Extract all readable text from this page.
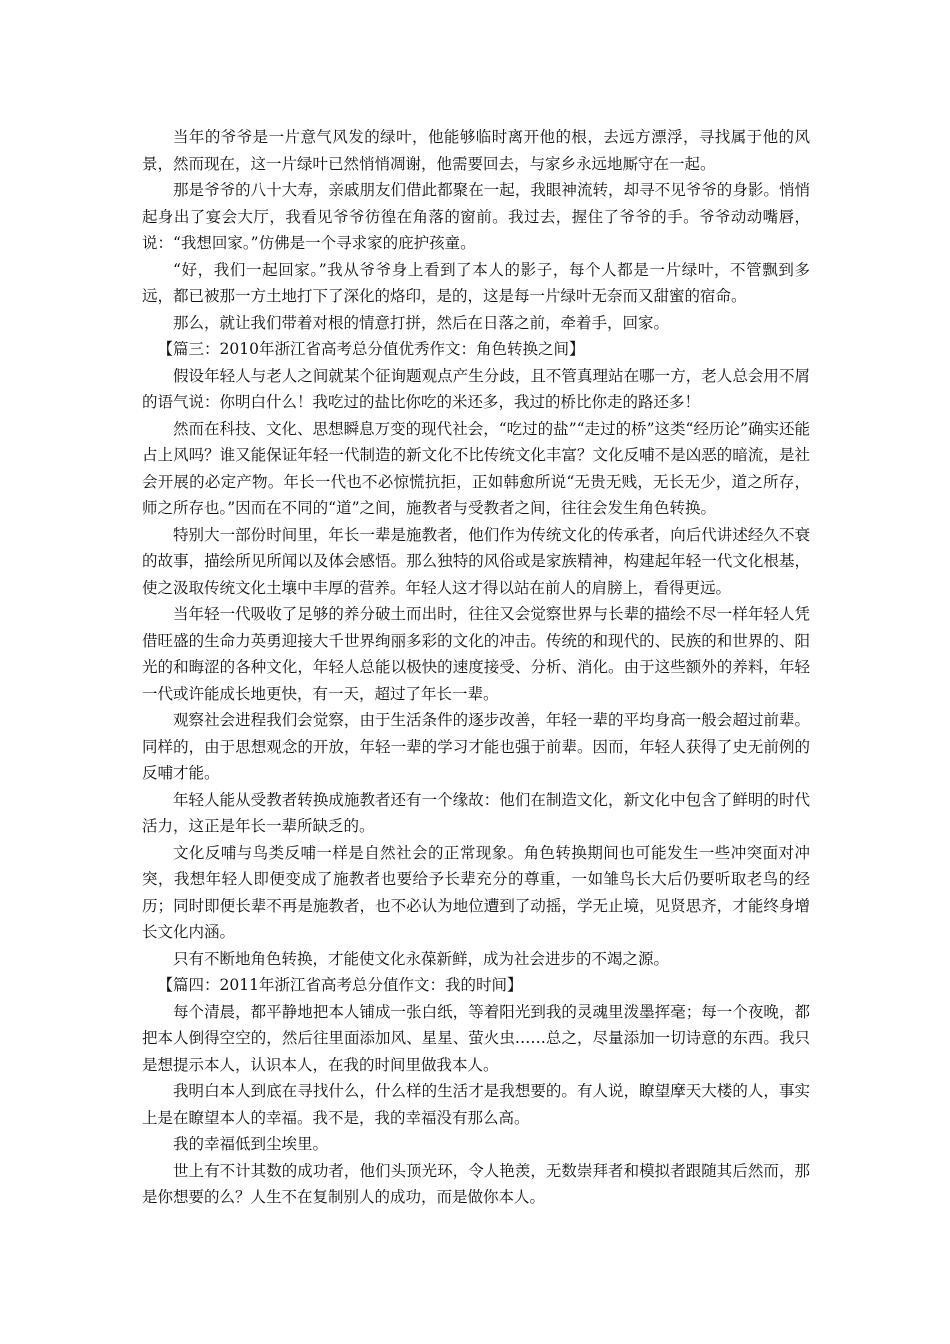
当年的爷爷是一片意气风发的绿叶，他能够临时离开他的根，去远方漂浮，寻找属于他的风景，然而现在，这一片绿叶已然悄悄凋谢，他需要回去，与家乡永远地厮守在一起。

那是爷爷的八十大寿，亲戚朋友们借此都聚在一起，我眼神流转，却寻不见爷爷的身影。悄悄起身出了宴会大厅，我看见爷爷彷徨在角落的窗前。我过去，握住了爷爷的手。爷爷动动嘴唇，说：“我想回家。”仿佛是一个寻求家的庇护孩童。

“好，我们一起回家。”我从爷爷身上看到了本人的影子，每个人都是一片绿叶，不管飘到多远，都已被那一方土地打下了深化的烙印，是的，这是每一片绿叶无奈而又甜蜜的宿命。

那么，就让我们带着对根的情意打拼，然后在日落之前，牵着手，回家。

【篇三：2010年浙江省高考总分值优秀作文：角色转换之间】

假设年轻人与老人之间就某个征询题观点产生分歧，且不管真理站在哪一方，老人总会用不屑的语气说：你明白什么！我吃过的盐比你吃的米还多，我过的桥比你走的路还多！

然而在科技、文化、思想瞬息万变的现代社会，“吃过的盐”“走过的桥”这类“经历论”确实还能占上风吗？谁又能保证年轻一代制造的新文化不比传统文化丰富？文化反哺不是凶恶的暗流，是社会开展的必定产物。年长一代也不必惊慌抗拒，正如韩愈所说“无贵无贱，无长无少，道之所存，师之所存也。”因而在不同的“道”之间，施教者与受教者之间，往往会发生角色转换。

特别大一部份时间里，年长一辈是施教者，他们作为传统文化的传承者，向后代讲述经久不衰的故事，描绘所见所闻以及体会感悟。那么独特的风俗或是家族精神，构建起年轻一代文化根基，使之汲取传统文化土壤中丰厚的营养。年轻人这才得以站在前人的肩膀上，看得更远。

当年轻一代吸收了足够的养分破土而出时，往往又会觉察世界与长辈的描绘不尽一样年轻人凭借旺盛的生命力英勇迎接大千世界绚丽多彩的文化的冲击。传统的和现代的、民族的和世界的、阳光的和晦涩的各种文化，年轻人总能以极快的速度接受、分析、消化。由于这些额外的养料，年轻一代或许能成长地更快，有一天，超过了年长一辈。

观察社会进程我们会觉察，由于生活条件的逐步改善，年轻一辈的平均身高一般会超过前辈。同样的，由于思想观念的开放，年轻一辈的学习才能也强于前辈。因而，年轻人获得了史无前例的反哺才能。

年轻人能从受教者转换成施教者还有一个缘故：他们在制造文化，新文化中包含了鲜明的时代活力，这正是年长一辈所缺乏的。

文化反哺与鸟类反哺一样是自然社会的正常现象。角色转换期间也可能发生一些冲突面对冲突，我想年轻人即便变成了施教者也要给予长辈充分的尊重，一如雏鸟长大后仍要听取老鸟的经历；同时即便长辈不再是施教者，也不必认为地位遭到了动摇，学无止境，见贤思齐，才能终身增长文化内涵。

只有不断地角色转换，才能使文化永葆新鲜，成为社会进步的不竭之源。

【篇四：2011年浙江省高考总分值作文：我的时间】

每个清晨，都平静地把本人铺成一张白纸，等着阳光到我的灵魂里泼墨挥毫；每一个夜晚，都把本人倒得空空的，然后往里面添加风、星星、萤火虫……总之，尽量添加一切诗意的东西。我只是想提示本人，认识本人，在我的时间里做我本人。

我明白本人到底在寻找什么，什么样的生活才是我想要的。有人说，瞭望摩天大楼的人，事实上是在瞭望本人的幸福。我不是，我的幸福没有那么高。

我的幸福低到尘埃里。

世上有不计其数的成功者，他们头顶光环，令人艳羡，无数崇拜者和模拟者跟随其后然而，那是你想要的么？人生不在复制别人的成功，而是做你本人。
